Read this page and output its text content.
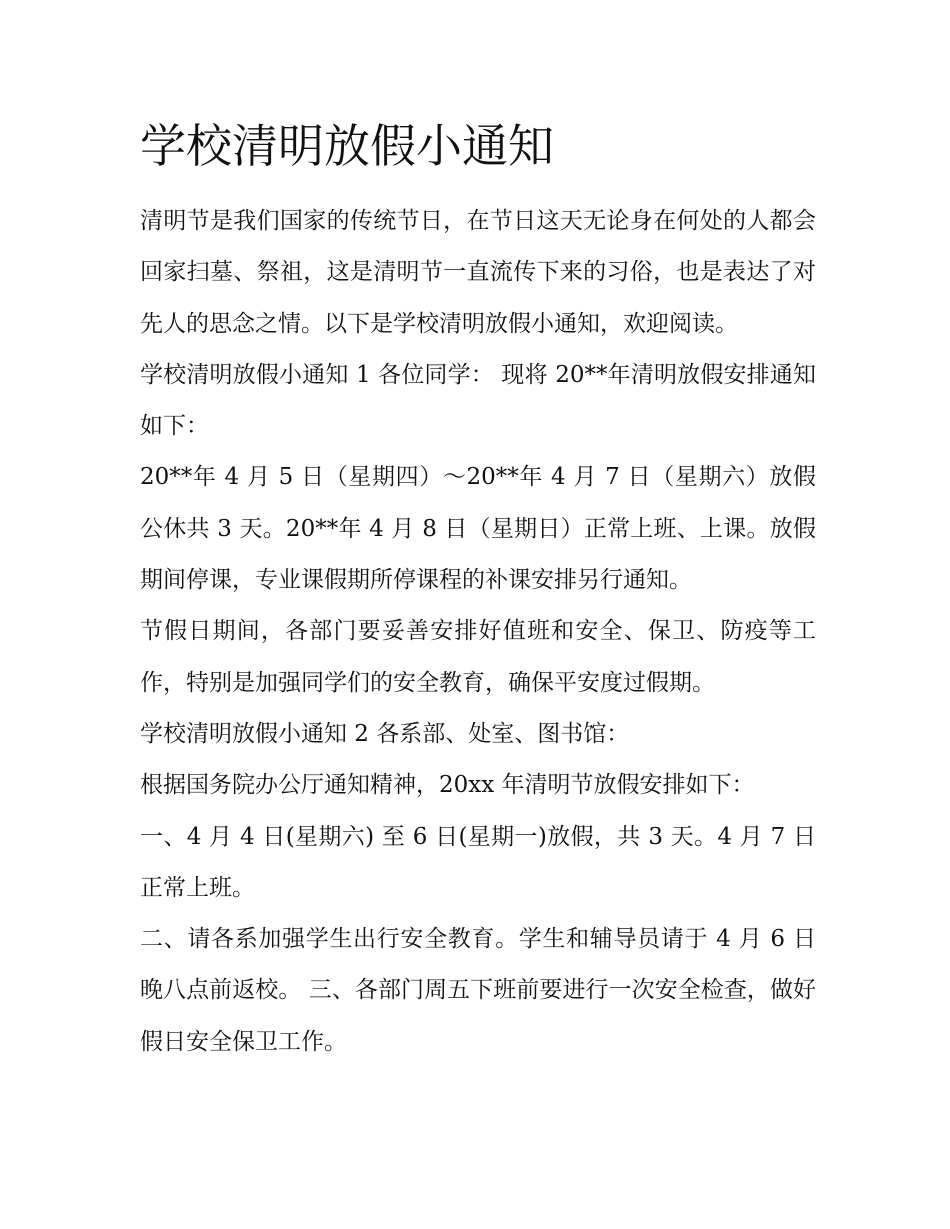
学校清明放假小通知

清明节是我们国家的传统节日，在节日这天无论身在何处的人都会回家扫墓、祭祖，这是清明节一直流传下来的习俗，也是表达了对先人的思念之情。以下是学校清明放假小通知，欢迎阅读。

学校清明放假小通知 1 各位同学： 现将 20**年清明放假安排通知如下：

20**年 4 月 5 日（星期四）～20**年 4 月 7 日（星期六）放假公休共 3 天。20**年 4 月 8 日（星期日）正常上班、上课。放假期间停课，专业课假期所停课程的补课安排另行通知。

节假日期间，各部门要妥善安排好值班和安全、保卫、防疫等工作，特别是加强同学们的安全教育，确保平安度过假期。

学校清明放假小通知 2 各系部、处室、图书馆：

根据国务院办公厅通知精神，20xx 年清明节放假安排如下：

一、4 月 4 日(星期六) 至 6 日(星期一)放假，共 3 天。4 月 7 日正常上班。

二、请各系加强学生出行安全教育。学生和辅导员请于 4 月 6 日晚八点前返校。 三、各部门周五下班前要进行一次安全检查，做好假日安全保卫工作。
